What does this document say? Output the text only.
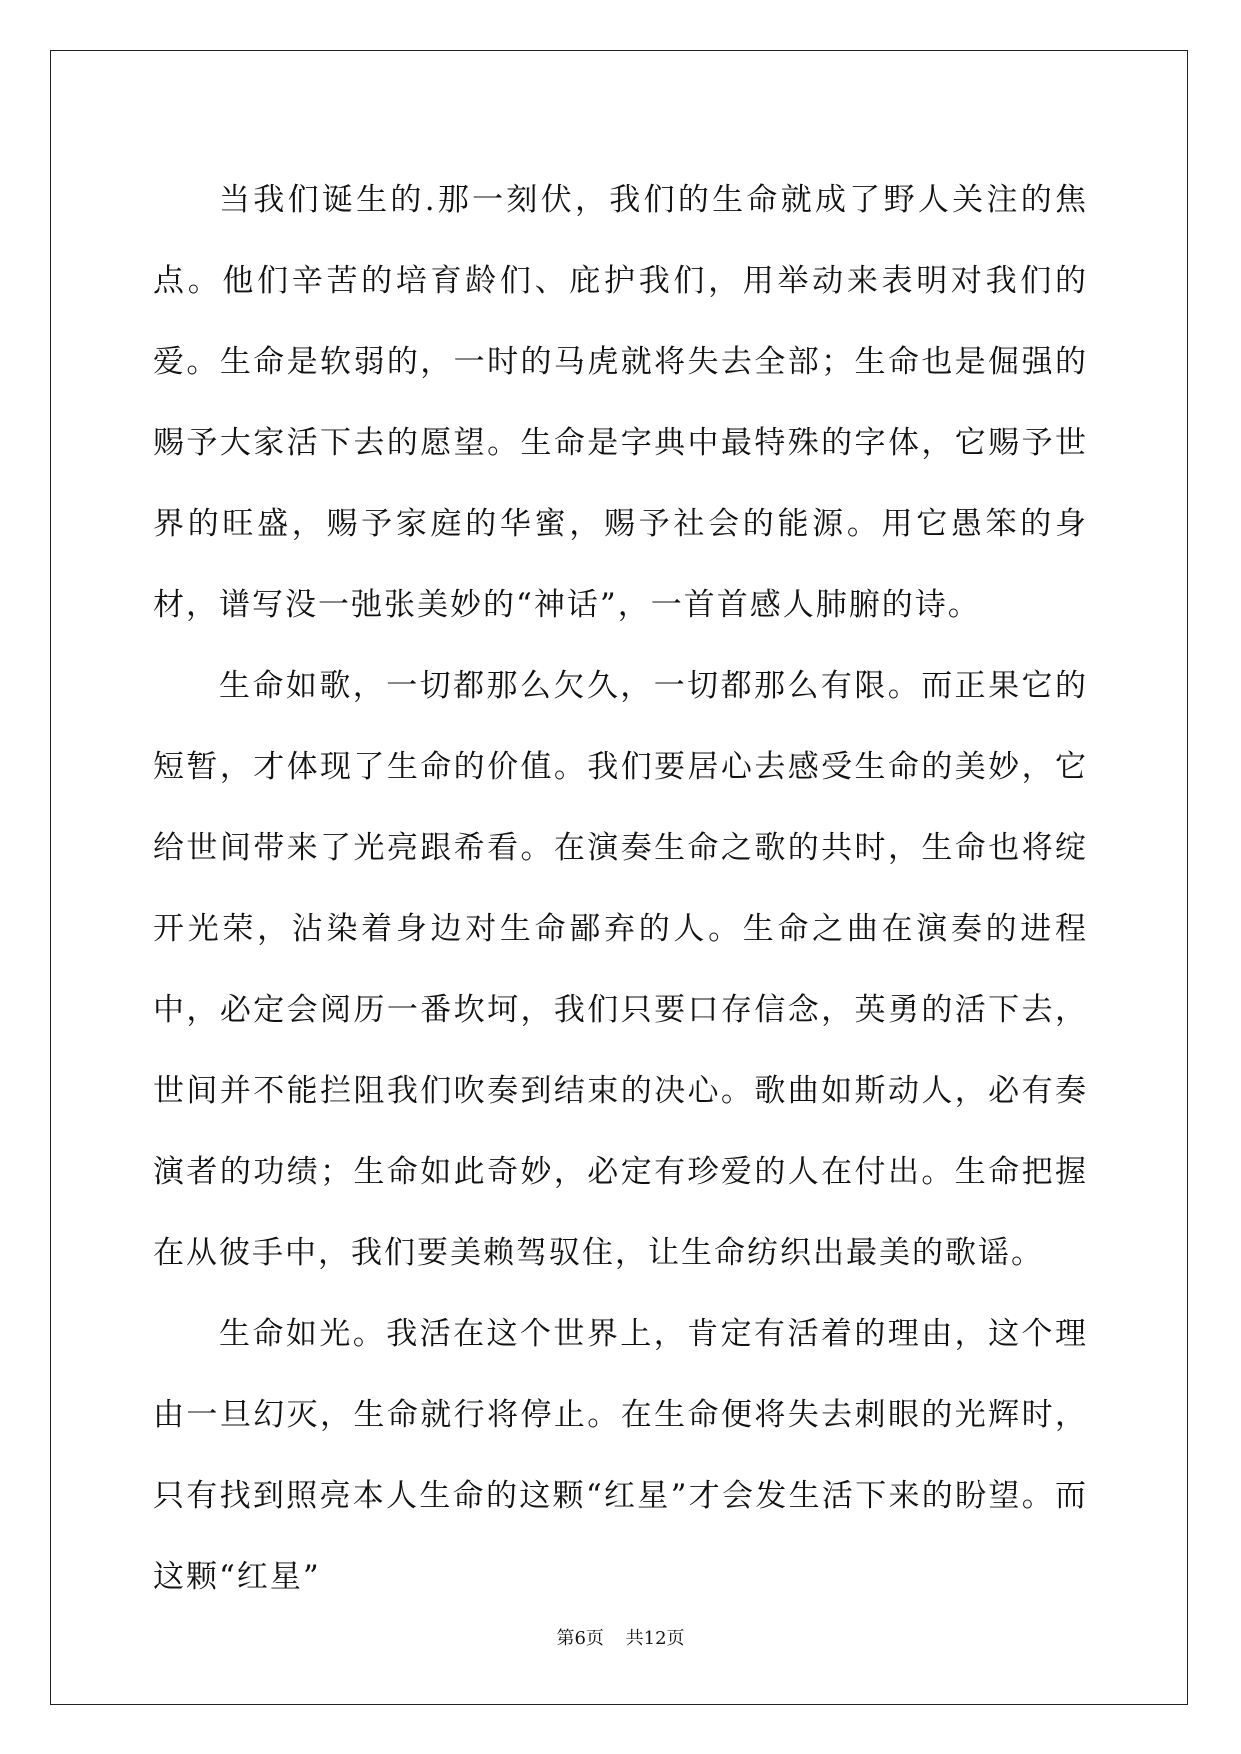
当我们诞生的.那一刻伏，我们的生命就成了野人关注的焦点。他们辛苦的培育龄们、庇护我们，用举动来表明对我们的爱。生命是软弱的，一时的马虎就将失去全部；生命也是倔强的赐予大家活下去的愿望。生命是字典中最特殊的字体，它赐予世界的旺盛，赐予家庭的华蜜，赐予社会的能源。用它愚笨的身材，谱写没一弛张美妙的“神话”，一首首感人肺腑的诗。

生命如歌，一切都那么欠久，一切都那么有限。而正果它的短暂，才体现了生命的价值。我们要居心去感受生命的美妙，它给世间带来了光亮跟希看。在演奏生命之歌的共时，生命也将绽开光荣，沾染着身边对生命鄙弃的人。生命之曲在演奏的进程中，必定会阅历一番坎坷，我们只要口存信念，英勇的活下去，世间并不能拦阻我们吹奏到结束的决心。歌曲如斯动人，必有奏演者的功绩；生命如此奇妙，必定有珍爱的人在付出。生命把握在从彼手中，我们要美赖驾驭住，让生命纺织出最美的歌谣。

生命如光。我活在这个世界上，肯定有活着的理由，这个理由一旦幻灭，生命就行将停止。在生命便将失去刺眼的光辉时，只有找到照亮本人生命的这颗“红星”才会发生活下来的盼望。而这颗“红星”

第6页 共12页
